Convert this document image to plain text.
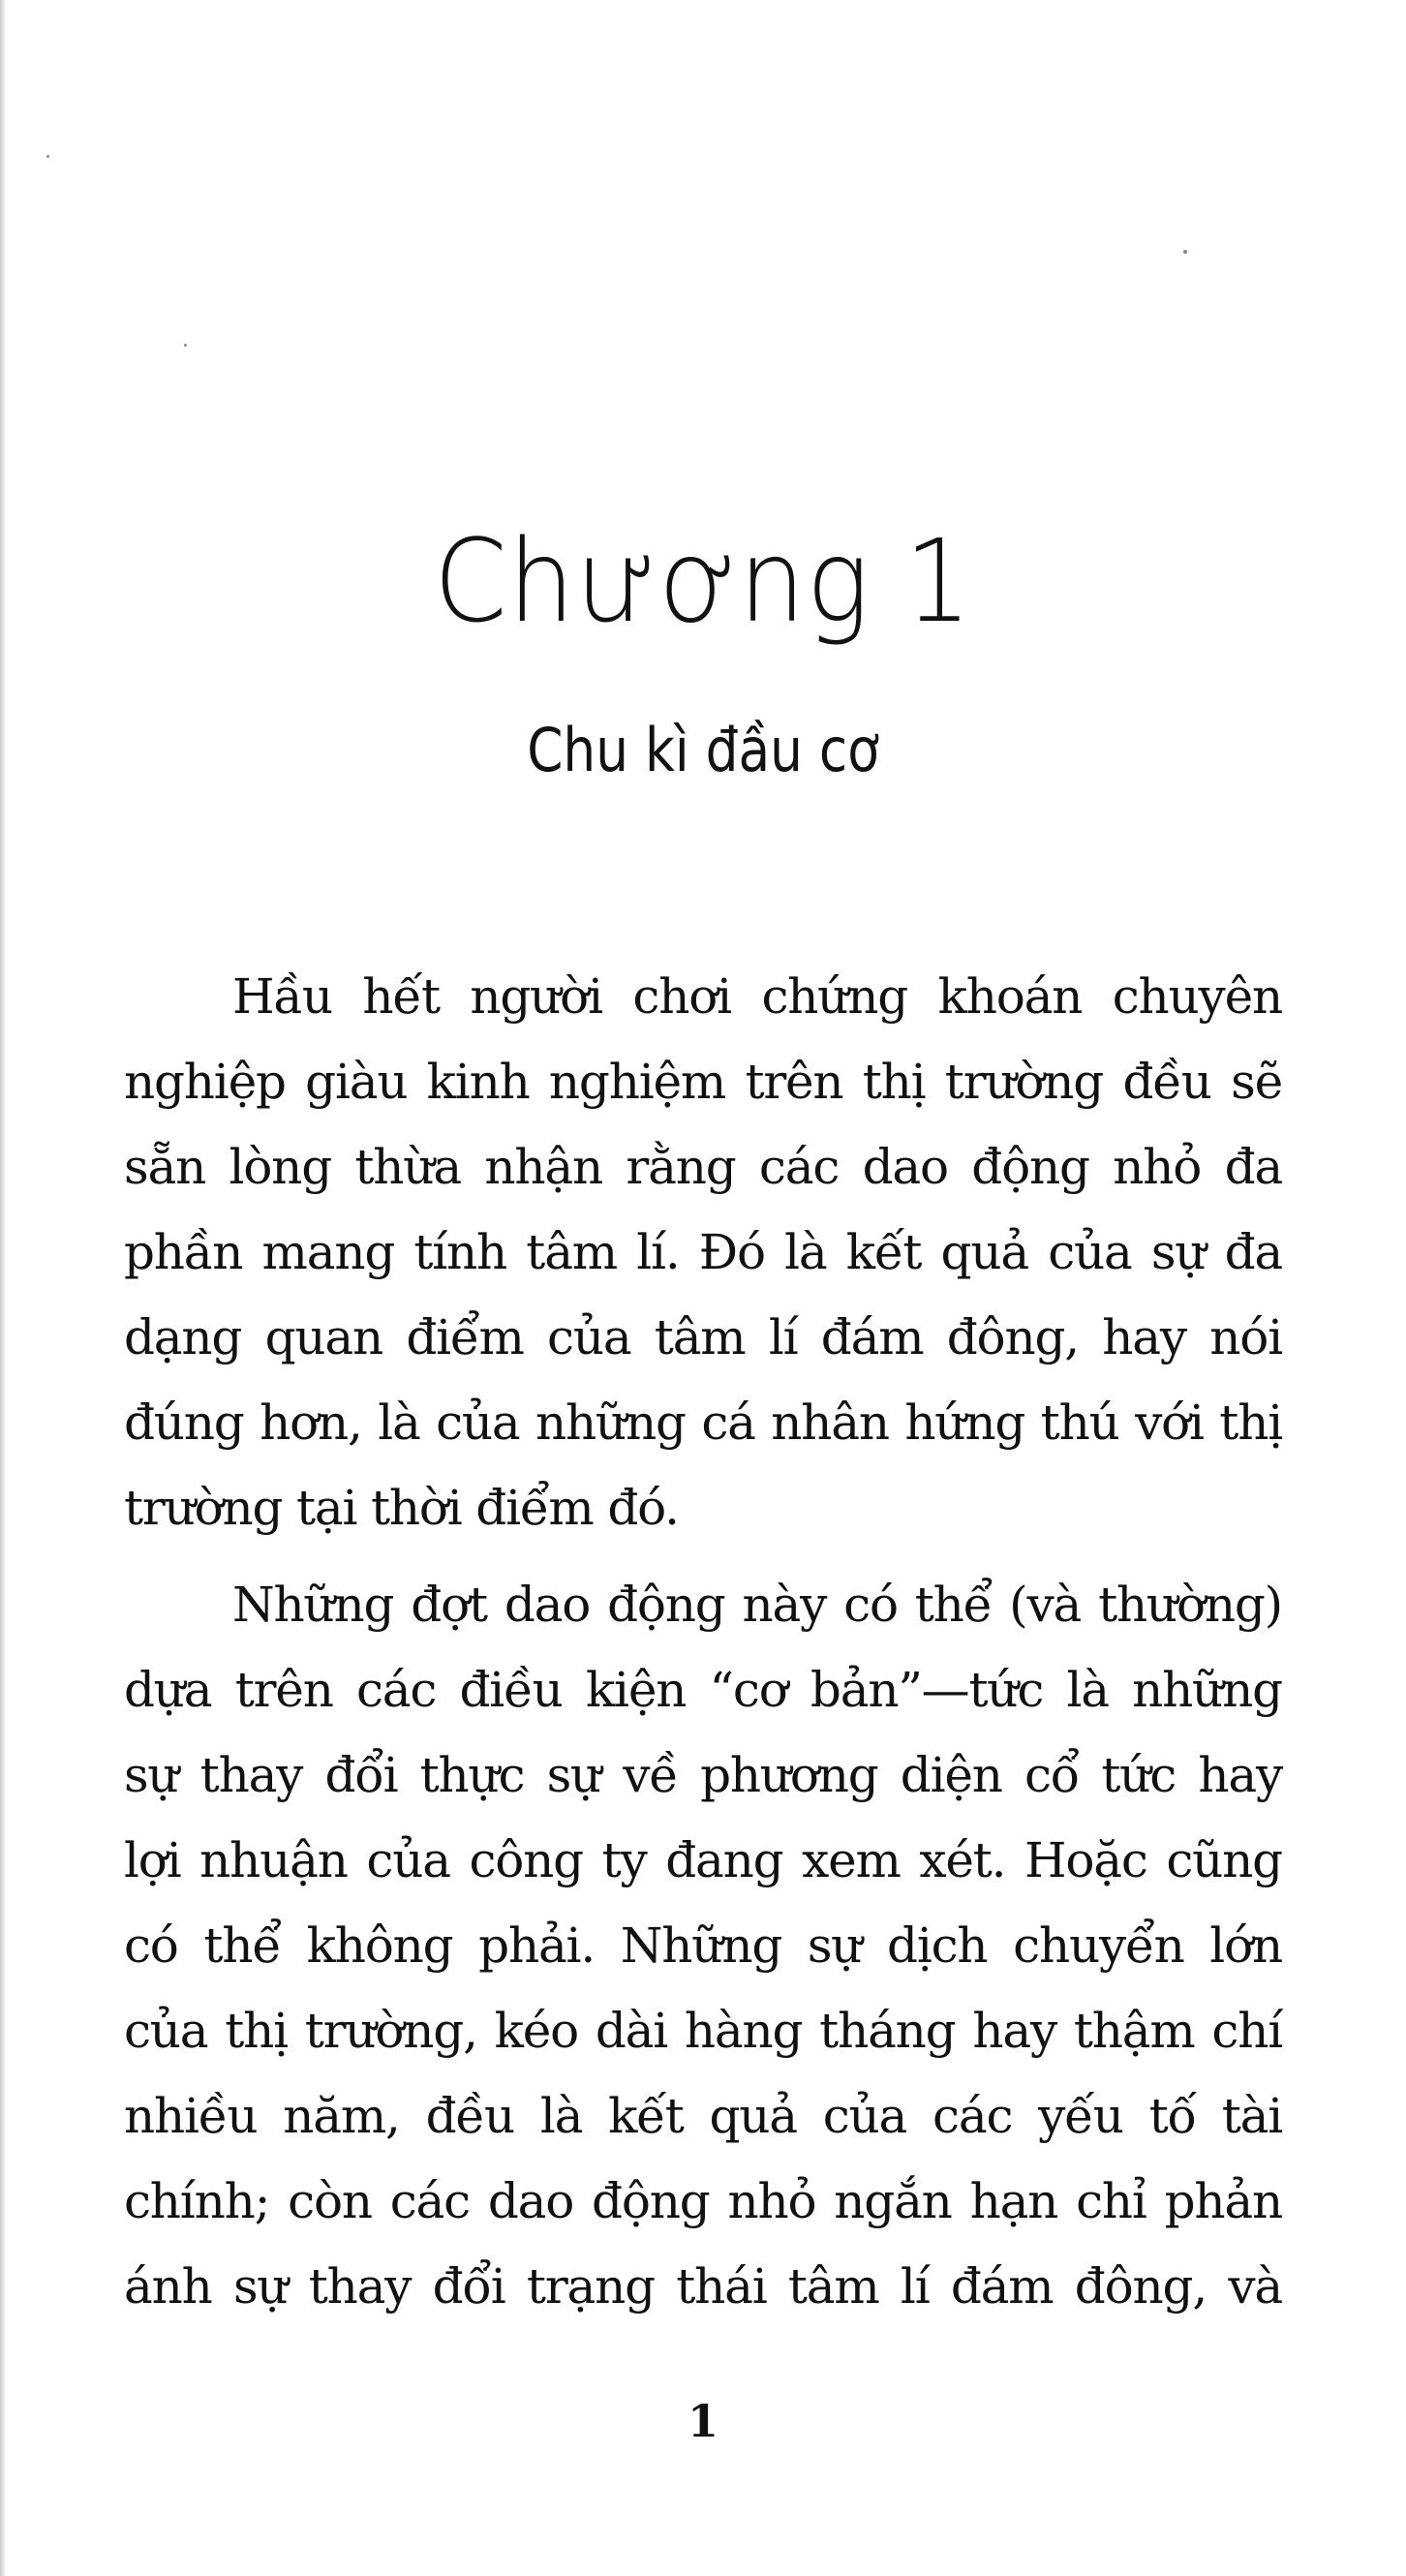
Chương 1
Chu kì đầu cơ
Hầu hết người chơi chứng khoán chuyên
nghiệp giàu kinh nghiệm trên thị trường đều sẽ
sẵn lòng thừa nhận rằng các dao động nhỏ đa
phần mang tính tâm lí. Đó là kết quả của sự đa
dạng quan điểm của tâm lí đám đông, hay nói
đúng hơn, là của những cá nhân hứng thú với thị
trường tại thời điểm đó.
Những đợt dao động này có thể (và thường)
dựa trên các điều kiện “cơ bản”—tức là những
sự thay đổi thực sự về phương diện cổ tức hay
lợi nhuận của công ty đang xem xét. Hoặc cũng
có thể không phải. Những sự dịch chuyển lớn
của thị trường, kéo dài hàng tháng hay thậm chí
nhiều năm, đều là kết quả của các yếu tố tài
chính; còn các dao động nhỏ ngắn hạn chỉ phản
ánh sự thay đổi trạng thái tâm lí đám đông, và
1
